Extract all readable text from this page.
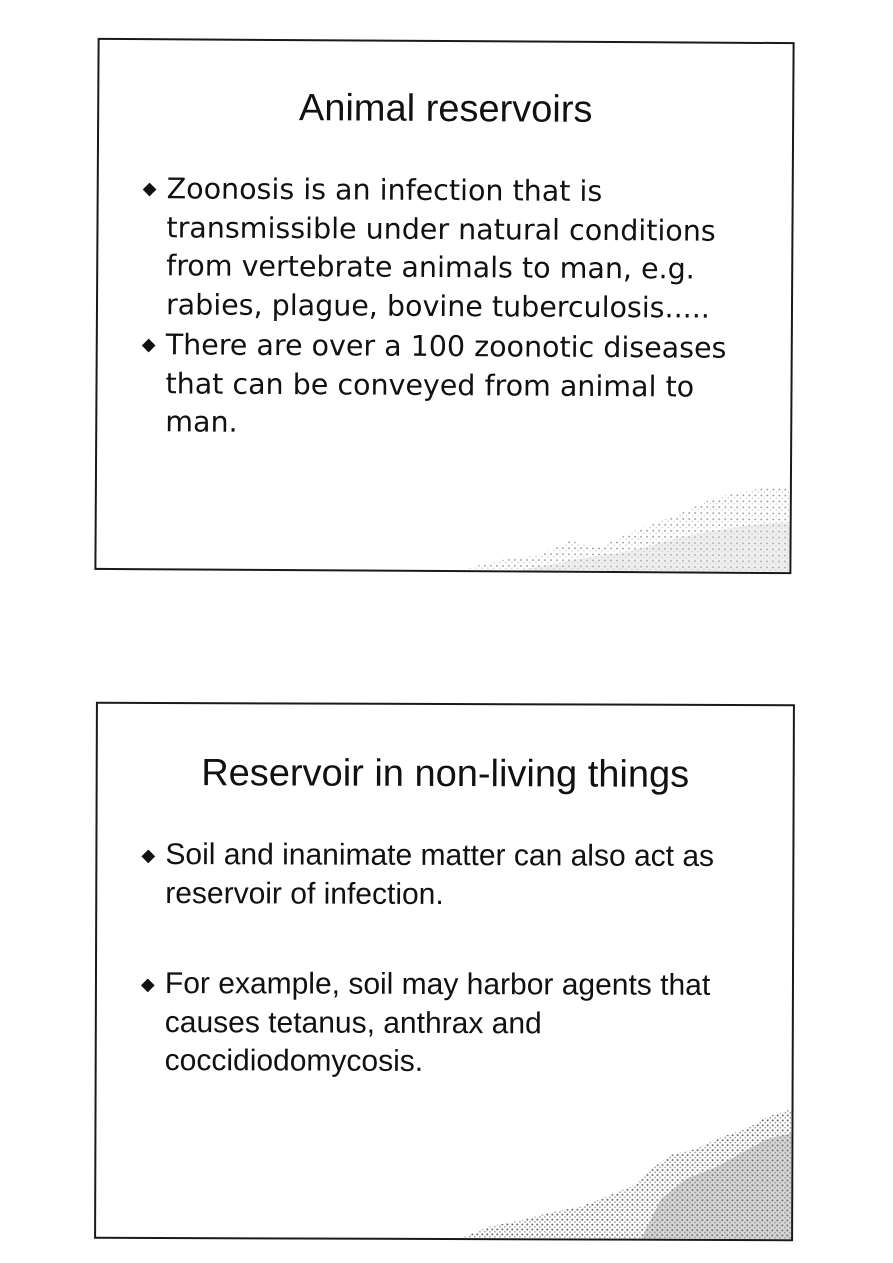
Animal reservoirs
◆ Zoonosis is an infection that is transmissible under natural conditions from vertebrate animals to man, e.g. rabies, plague, bovine tuberculosis.....
◆ There are over a 100 zoonotic diseases that can be conveyed from animal to man.
Reservoir in non-living things
◆ Soil and inanimate matter can also act as reservoir of infection.
◆ For example, soil may harbor agents that causes tetanus, anthrax and coccidiodomycosis.
